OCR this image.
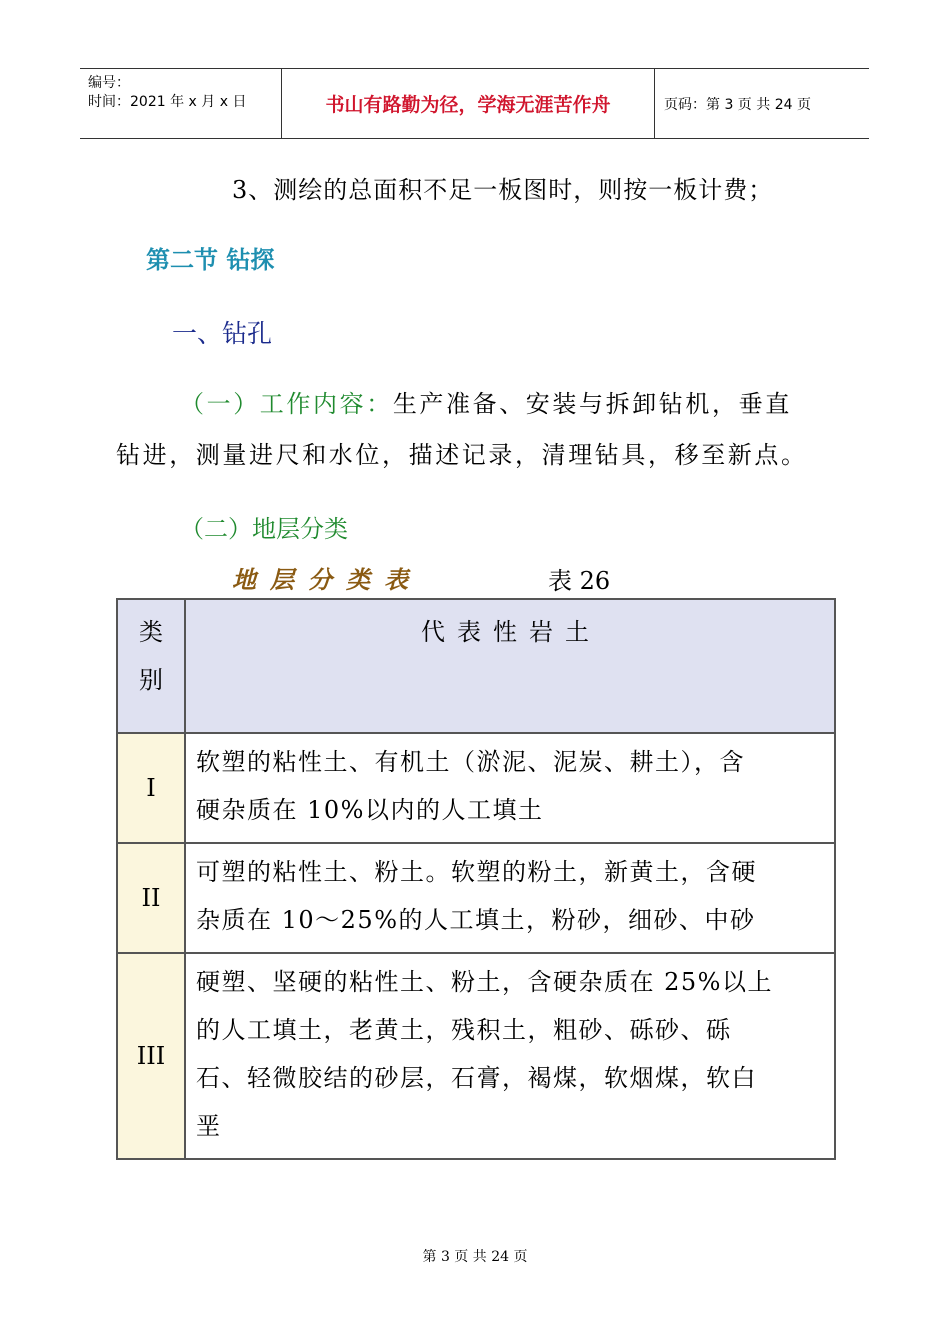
编号：
时间：2021 年 x 月 x 日	书山有路勤为径，学海无涯苦作舟	页码：第 3 页 共 24 页
3、测绘的总面积不足一板图时，则按一板计费；
第二节 钻探
一、钻孔
（一）工作内容：生产准备、安装与拆卸钻机，垂直
钻进，测量进尺和水位，描述记录，清理钻具，移至新点。
（二）地层分类
地层分类表	表 26
类
别	代表性岩土
I	软塑的粘性土、有机土（淤泥、泥炭、耕土），含
硬杂质在 10%以内的人工填土

II	可塑的粘性土、粉土。软塑的粉土，新黄土，含硬
杂质在 10～25%的人工填土，粉砂，细砂、中砂

III	硬塑、坚硬的粘性土、粉土，含硬杂质在 25%以上
的人工填土，老黄土，残积土，粗砂、砾砂、砾
石、轻微胶结的砂层，石膏，褐煤，软烟煤，软白
垩
第 3 页 共 24 页
